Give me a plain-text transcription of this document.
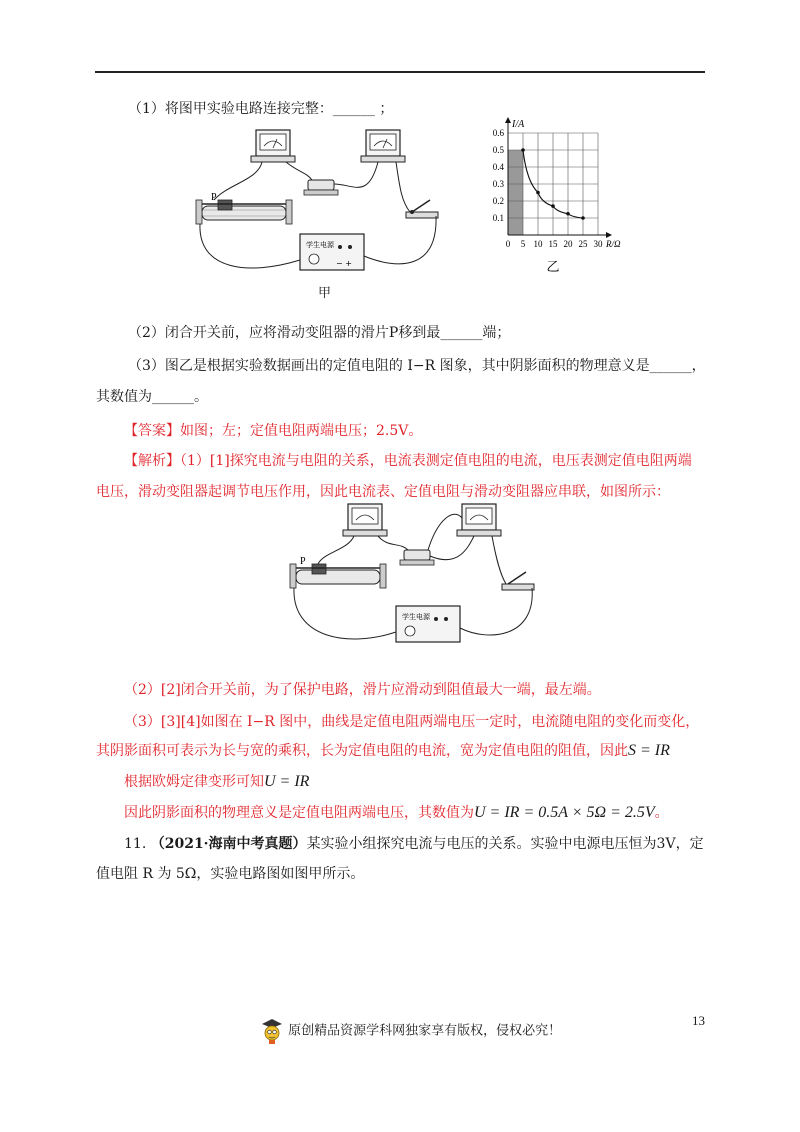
（1）将图甲实验电路连接完整：______ ；
P
学生电源
− +
甲
0.6
0.5
0.4
0.3
0.2
0.1
0 5 10 15 20 25 30
I/A
R/Ω
乙
（2）闭合开关前，应将滑动变阻器的滑片P移到最______端；
（3）图乙是根据实验数据画出的定值电阻的 I−R 图象，其中阴影面积的物理意义是______，
其数值为______。
【答案】如图；左；定值电阻两端电压；2.5V。
【解析】（1）[1]探究电流与电阻的关系，电流表测定值电阻的电流，电压表测定值电阻两端
电压，滑动变阻器起调节电压作用，因此电流表、定值电阻与滑动变阻器应串联，如图所示：
P
学生电源
（2）[2]闭合开关前，为了保护电路，滑片应滑动到阻值最大一端，最左端。
（3）[3][4]如图在 I−R 图中，曲线是定值电阻两端电压一定时，电流随电阻的变化而变化，
其阴影面积可表示为长与宽的乘积，长为定值电阻的电流，宽为定值电阻的阻值，因此S = IR
根据欧姆定律变形可知U = IR
因此阴影面积的物理意义是定值电阻两端电压，其数值为U = IR = 0.5A × 5Ω = 2.5V。
11. （2021·海南中考真题）某实验小组探究电流与电压的关系。实验中电源电压恒为3V，定
值电阻 R 为 5Ω，实验电路图如图甲所示。
13
原创精品资源学科网独家享有版权，侵权必究！
